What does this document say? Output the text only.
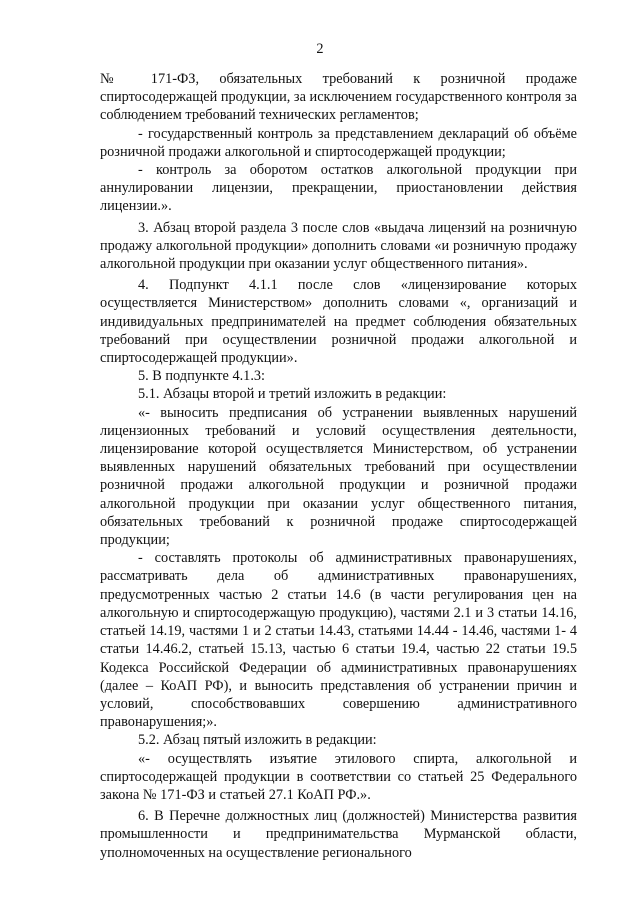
2

№ 171-ФЗ, обязательных требований к розничной продаже спиртосодержащей продукции, за исключением государственного контроля за соблюдением требований технических регламентов;

- государственный контроль за представлением деклараций об объёме розничной продажи алкогольной и спиртосодержащей продукции;

- контроль за оборотом остатков алкогольной продукции при аннулировании лицензии, прекращении, приостановлении действия лицензии.».

3. Абзац второй раздела 3 после слов «выдача лицензий на розничную продажу алкогольной продукции» дополнить словами «и розничную продажу алкогольной продукции при оказании услуг общественного питания».

4. Подпункт 4.1.1 после слов «лицензирование которых осуществляется Министерством» дополнить словами «, организаций и индивидуальных предпринимателей на предмет соблюдения обязательных требований при осуществлении розничной продажи алкогольной и спиртосодержащей продукции».

5. В подпункте 4.1.3:

5.1. Абзацы второй и третий изложить в редакции:

«- выносить предписания об устранении выявленных нарушений лицензионных требований и условий осуществления деятельности, лицензирование которой осуществляется Министерством, об устранении выявленных нарушений обязательных требований при осуществлении розничной продажи алкогольной продукции и розничной продажи алкогольной продукции при оказании услуг общественного питания, обязательных требований к розничной продаже спиртосодержащей продукции;

- составлять протоколы об административных правонарушениях, рассматривать дела об административных правонарушениях, предусмотренных частью 2 статьи 14.6 (в части регулирования цен на алкогольную и спиртосодержащую продукцию), частями 2.1 и 3 статьи 14.16, статьей 14.19, частями 1 и 2 статьи 14.43, статьями 14.44 - 14.46, частями 1- 4 статьи 14.46.2, статьей 15.13, частью 6 статьи 19.4, частью 22 статьи 19.5 Кодекса Российской Федерации об административных правонарушениях (далее – КоАП РФ), и выносить представления об устранении причин и условий, способствовавших совершению административного правонарушения;».

5.2. Абзац пятый изложить в редакции:

«- осуществлять изъятие этилового спирта, алкогольной и спиртосодержащей продукции в соответствии со статьей 25 Федерального закона № 171-ФЗ и статьей 27.1 КоАП РФ.».

6. В Перечне должностных лиц (должностей) Министерства развития промышленности и предпринимательства Мурманской области, уполномоченных на осуществление регионального
